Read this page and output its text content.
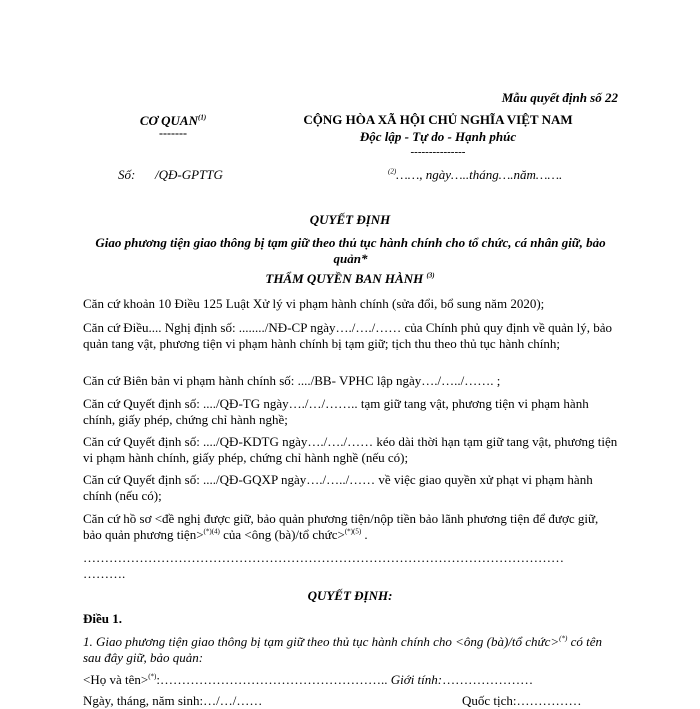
Mẫu quyết định số 22
CƠ QUAN$^{(1)}$
-------
CỘNG HÒA XÃ HỘI CHỦ NGHĨA VIỆT NAM
Độc lập - Tự do - Hạnh phúc
---------------
Số: /QĐ-GPTTG	$^{(2)}$……, ngày…..tháng….năm…….
QUYẾT ĐỊNH
Giao phương tiện giao thông bị tạm giữ theo thủ tục hành chính cho tổ chức, cá nhân giữ, bảo quản*
THẨM QUYỀN BAN HÀNH $^{(3)}$
Căn cứ khoản 10 Điều 125 Luật Xử lý vi phạm hành chính (sửa đổi, bổ sung năm 2020);
Căn cứ Điều.... Nghị định số: ......../NĐ-CP ngày…./…./…… của Chính phủ quy định về quản lý, bảo quản tang vật, phương tiện vi phạm hành chính bị tạm giữ; tịch thu theo thủ tục hành chính;
Căn cứ Biên bản vi phạm hành chính số: ..../BB- VPHC lập ngày…./…../……. ;
Căn cứ Quyết định số: ..../QĐ-TG ngày…./…/…….. tạm giữ tang vật, phương tiện vi phạm hành chính, giấy phép, chứng chỉ hành nghề;
Căn cứ Quyết định số: ..../QĐ-KDTG ngày…./…./…… kéo dài thời hạn tạm giữ tang vật, phương tiện vi phạm hành chính, giấy phép, chứng chỉ hành nghề (nếu có);
Căn cứ Quyết định số: ..../QĐ-GQXP ngày…./…../…… về việc giao quyền xử phạt vi phạm hành chính (nếu có);
Căn cứ hồ sơ <đề nghị được giữ, bảo quản phương tiện/nộp tiền bảo lãnh phương tiện để được giữ, bảo quản phương tiện>$^{(*)(4)}$ của <ông (bà)/tổ chức>$^{(*)(5)}$ .
…………………………………………………………………………………………………
……….
QUYẾT ĐỊNH:
Điều 1.
1. Giao phương tiện giao thông bị tạm giữ theo thủ tục hành chính cho <ông (bà)/tổ chức>(*) có tên sau đây giữ, bảo quản:
<Họ và tên>(*):…………………………………………….. Giới tính:…………………
Ngày, tháng, năm sinh:…/…/……	Quốc tịch:……………
